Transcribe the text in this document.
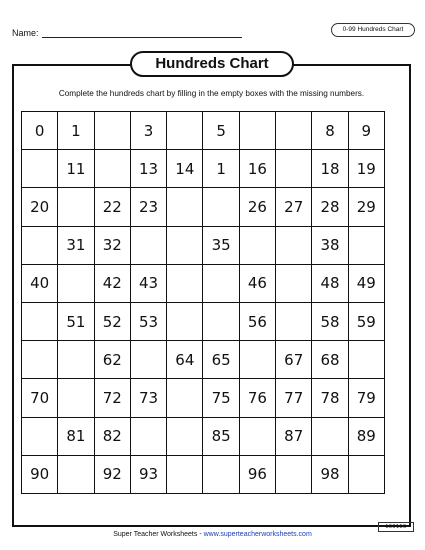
Name:	0-99 Hundreds Chart
Hundreds Chart
Complete the hundreds chart by filling in the empty boxes with the missing numbers.
0	1		3		5			8	9
	11		13	14	1	16		18	19
20		22	23			26	27	28	29
	31	32			35			38	
40		42	43			46		48	49
	51	52	53			56		58	59
		62		64	65		67	68	
70		72	73		75	76	77	78	79
	81	82			85		87		89
90		92	93			96		98	
Super Teacher Worksheets - www.superteacherworksheets.com
100159
